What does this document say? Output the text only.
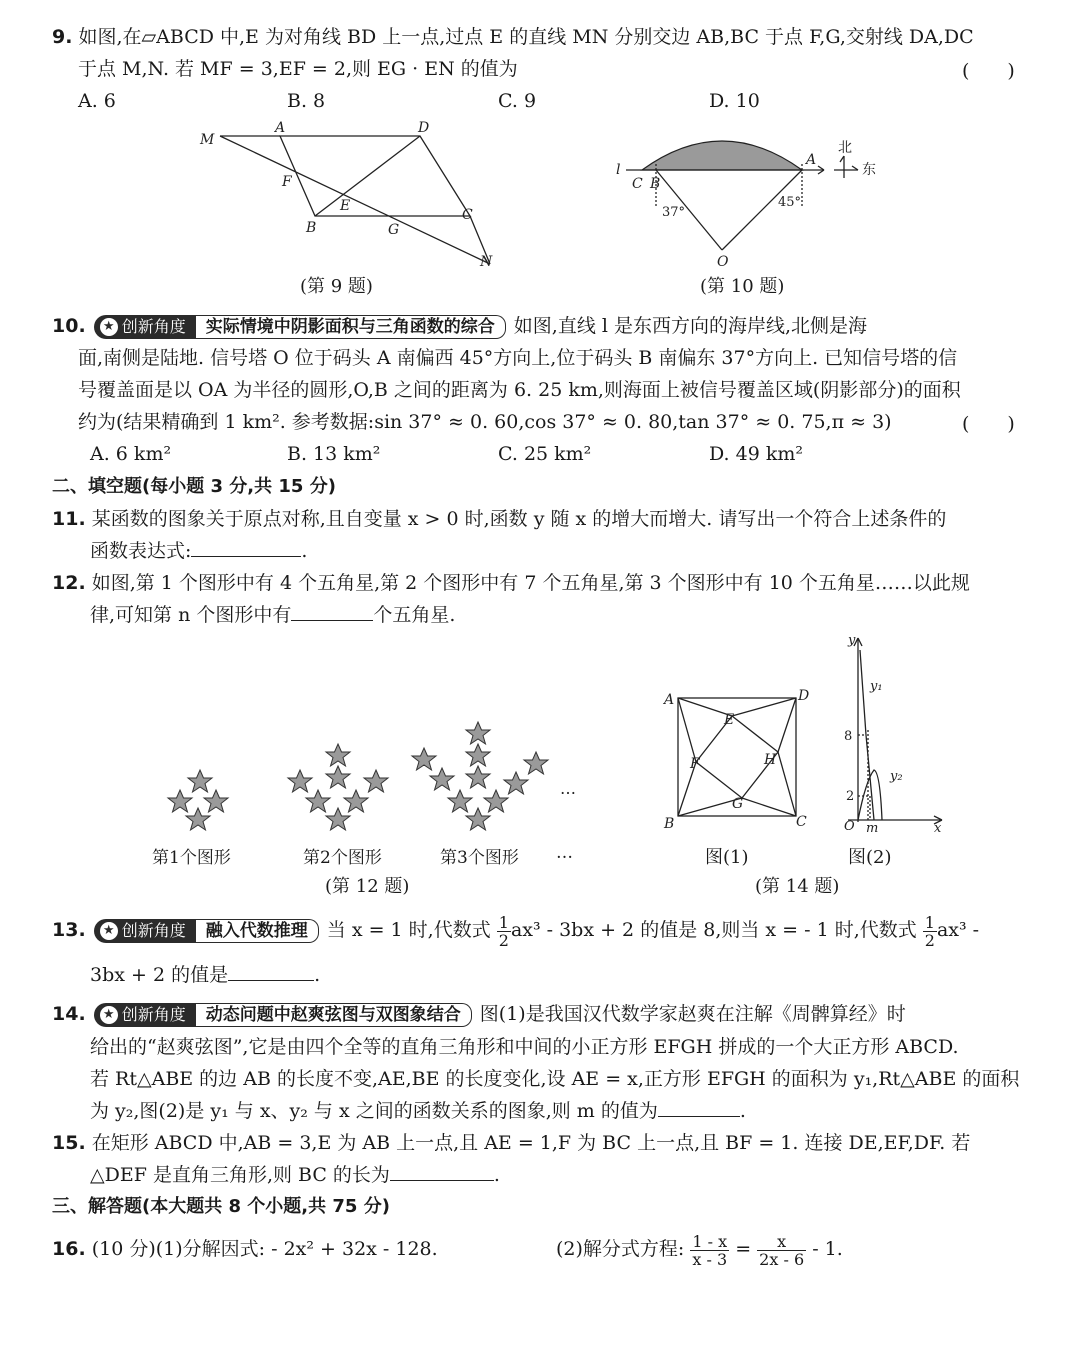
9. 如图,在▱ABCD 中,E 为对角线 BD 上一点,过点 E 的直线 MN 分别交边 AB,BC 于点 F,G,交射线 DA,DC
于点 M,N. 若 MF = 3,EF = 2,则 EG · EN 的值为	(　　)
A. 6	B. 8	C. 9	D. 10
M
A	D
F
E
B	G
C
N
(第 9 题)
l
C B
A
O
37°
45°
北
东
(第 10 题)
10. ★ 创新角度	实际情境中阴影面积与三角函数的综合	如图,直线 l 是东西方向的海岸线,北侧是海
面,南侧是陆地. 信号塔 O 位于码头 A 南偏西 45°方向上,位于码头 B 南偏东 37°方向上. 已知信号塔的信
号覆盖面是以 OA 为半径的圆形,O,B 之间的距离为 6. 25 km,则海面上被信号覆盖区域(阴影部分)的面积
约为(结果精确到 1 km². 参考数据:sin 37° ≈ 0. 60,cos 37° ≈ 0. 80,tan 37° ≈ 0. 75,π ≈ 3)	(　　)
A. 6 km²	B. 13 km²	C. 25 km²	D. 49 km²
二、填空题(每小题 3 分,共 15 分)
11. 某函数的图象关于原点对称,且自变量 x > 0 时,函数 y 随 x 的增大而增大. 请写出一个符合上述条件的
函数表达式:	.
12. 如图,第 1 个图形中有 4 个五角星,第 2 个图形中有 7 个五角星,第 3 个图形中有 10 个五角星……以此规
律,可知第 n 个图形中有	个五角星.
…
第1个图形	第2个图形	第3个图形 …
(第 12 题)
A	D
E
H
F
G
B	C
y
y₁
8
y₂
2
O m	x
图(1)	图(2)
(第 14 题)
13. ★ 创新角度	融入代数推理	当 x = 1 时,代数式 $\frac{1}{2} ax^3 - 3bx + 2$ 的值是 8,则当 x = - 1 时,代数式 $\frac{1}{2} ax^3$ -
3bx + 2 的值是	.
14. ★ 创新角度	动态问题中赵爽弦图与双图象结合	图(1)是我国汉代数学家赵爽在注解《周髀算经》时
给出的“赵爽弦图”,它是由四个全等的直角三角形和中间的小正方形 EFGH 拼成的一个大正方形 ABCD.
若 Rt△ABE 的边 AB 的长度不变,AE,BE 的长度变化,设 AE = x,正方形 EFGH 的面积为 y₁,Rt△ABE 的面积
为 y₂,图(2)是 y₁ 与 x、y₂ 与 x 之间的函数关系的图象,则 m 的值为	.
15. 在矩形 ABCD 中,AB = 3,E 为 AB 上一点,且 AE = 1,F 为 BC 上一点,且 BF = 1. 连接 DE,EF,DF. 若
△DEF 是直角三角形,则 BC 的长为	.
三、解答题(本大题共 8 个小题,共 75 分)
16. (10 分)(1)分解因式: - 2x² + 32x - 128.	(2)解分式方程: $\frac{1 - x}{x - 3} = \frac{x}{2x - 6} - 1$.
